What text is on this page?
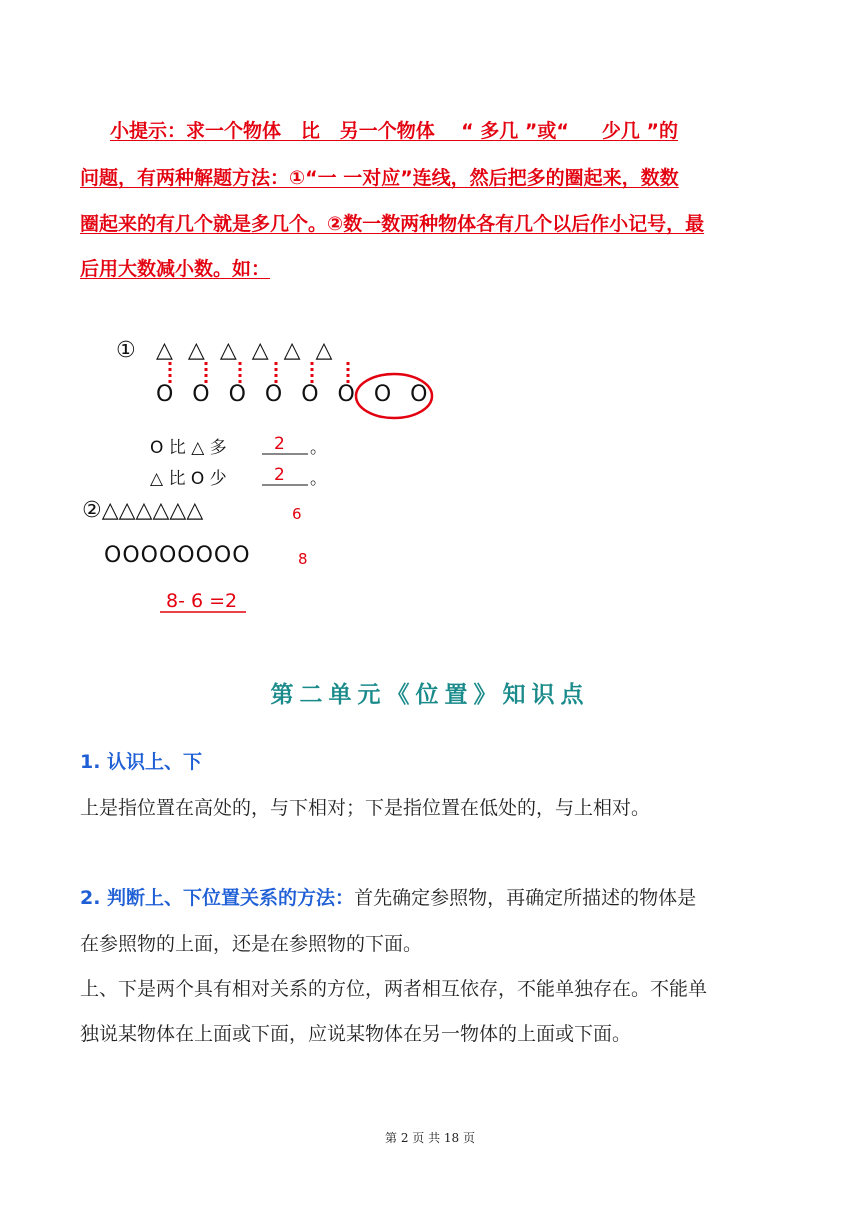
小提示：求一个物体   比   另一个物体    “ 多几 ”或“     少几 ”的
问题，有两种解题方法：①“一 一对应”连线，然后把多的圈起来，数数
圈起来的有几个就是多几个。②数一数两种物体各有几个以后作小记号，最
后用大数减小数。如：
① △ △ △ △ △ △
O O O O O O O O
O 比 △ 多	2 。
△ 比 O 少	2 。
②△△△△△△	6
OOOOOOOO	8
8- 6 =2
第二单元《位置》知识点
1. 认识上、下
上是指位置在高处的，与下相对；下是指位置在低处的，与上相对。
2. 判断上、下位置关系的方法：首先确定参照物，再确定所描述的物体是
在参照物的上面，还是在参照物的下面。
上、下是两个具有相对关系的方位，两者相互依存，不能单独存在。不能单
独说某物体在上面或下面，应说某物体在另一物体的上面或下面。
第 2 页 共 18 页
